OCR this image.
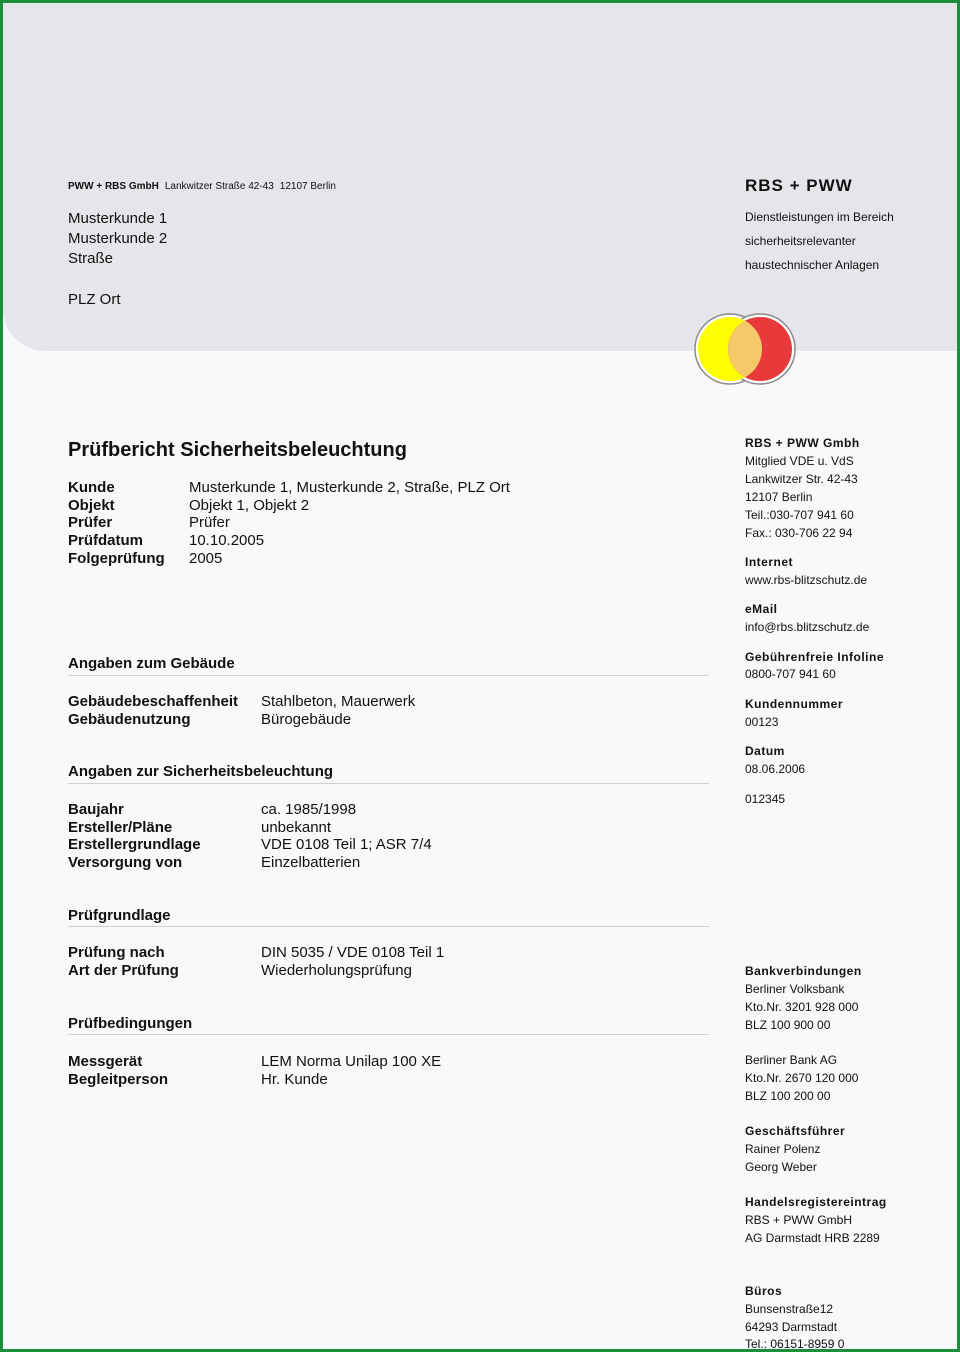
PWW + RBS GmbH Lankwitzer Straße 42-43 12107 Berlin
Musterkunde 1
Musterkunde 2
Straße
PLZ Ort
RBS + PWW
Dienstleistungen im Bereich
sicherheitsrelevanter
haustechnischer Anlagen
Prüfbericht Sicherheitsbeleuchtung
Kunde	Musterkunde 1, Musterkunde 2, Straße, PLZ Ort
Objekt	Objekt 1, Objekt 2
Prüfer	Prüfer
Prüfdatum	10.10.2005
Folgeprüfung 2005
Angaben zum Gebäude
Gebäudebeschaffenheit Stahlbeton, Mauerwerk
Gebäudenutzung	Bürogebäude
Angaben zur Sicherheitsbeleuchtung
Baujahr	ca. 1985/1998
Ersteller/Pläne	unbekannt
Erstellergrundlage	VDE 0108 Teil 1; ASR 7/4
Versorgung von	Einzelbatterien
Prüfgrundlage
Prüfung nach	DIN 5035 / VDE 0108 Teil 1
Art der Prüfung	Wiederholungsprüfung
Prüfbedingungen
Messgerät	LEM Norma Unilap 100 XE
Begleitperson	Hr. Kunde
RBS + PWW Gmbh
Mitglied VDE u. VdS
Lankwitzer Str. 42-43
12107 Berlin
Teil.:030-707 941 60
Fax.: 030-706 22 94
Internet
www.rbs-blitzschutz.de
eMail
info@rbs.blitzschutz.de
Gebührenfreie Infoline
0800-707 941 60
Kundennummer
00123
Datum
08.06.2006
012345
Bankverbindungen
Berliner Volksbank
Kto.Nr. 3201 928 000
BLZ 100 900 00
Berliner Bank AG
Kto.Nr. 2670 120 000
BLZ 100 200 00
Geschäftsführer
Rainer Polenz
Georg Weber
Handelsregistereintrag
RBS + PWW GmbH
AG Darmstadt HRB 2289
Büros
Bunsenstraße12
64293 Darmstadt
Tel.: 06151-8959 0
